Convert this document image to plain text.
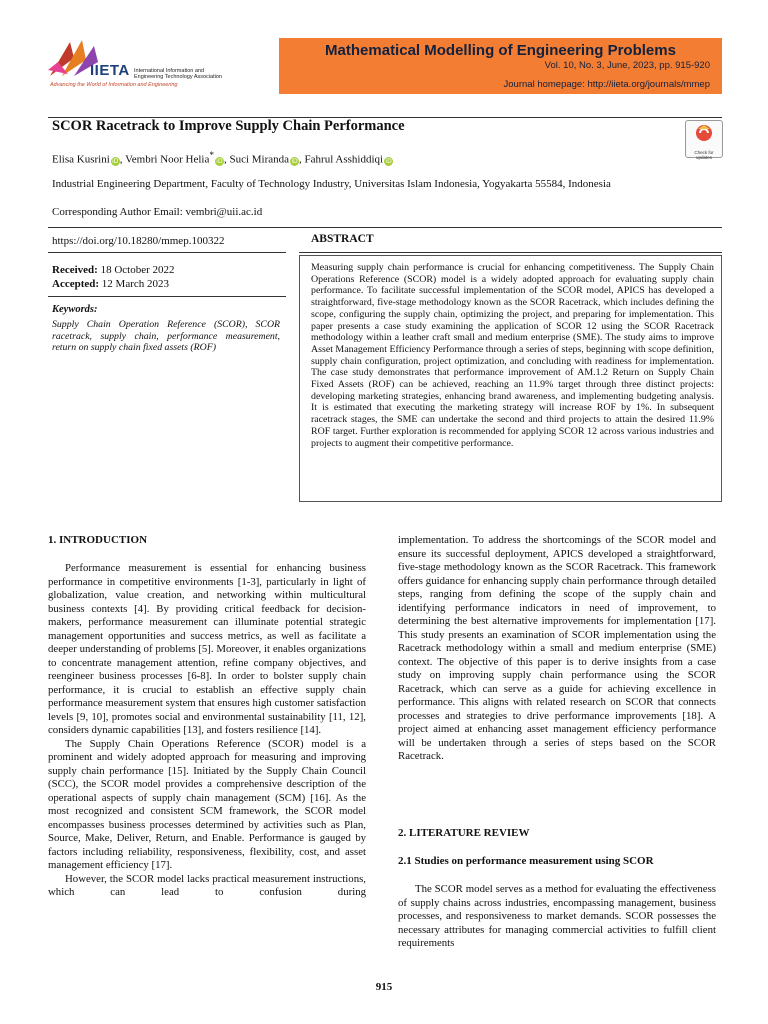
IIETA International Information and
Engineering Technology Association
Advancing the World of Information and Engineering
Mathematical Modelling of Engineering Problems
Vol. 10, No. 3, June, 2023, pp. 915-920
Journal homepage: http://iieta.org/journals/mmep
SCOR Racetrack to Improve Supply Chain Performance
Check for updates
Elisa Kusrini iD, Vembri Noor Helia*iD, Suci Miranda iD, Fahrul Asshiddiqi iD
Industrial Engineering Department, Faculty of Technology Industry, Universitas Islam Indonesia, Yogyakarta 55584, Indonesia
Corresponding Author Email: vembri@uii.ac.id
https://doi.org/10.18280/mmep.100322	ABSTRACT
Received: 18 October 2022
Accepted: 12 March 2023
Keywords:
Supply Chain Operation Reference (SCOR), SCOR racetrack, supply chain, performance measurement, return on supply chain fixed assets (ROF)
Measuring supply chain performance is crucial for enhancing competitiveness. The Supply Chain Operations Reference (SCOR) model is a widely adopted approach for evaluating supply chain performance. To facilitate successful implementation of the SCOR model, APICS has developed a straightforward, five-stage methodology known as the SCOR Racetrack, which includes defining the scope, configuring the supply chain, optimizing the project, and preparing for implementation. This paper presents a case study examining the application of SCOR 12 using the SCOR Racetrack methodology within a leather craft small and medium enterprise (SME). The study aims to improve Asset Management Efficiency Performance through a series of steps, beginning with scope definition, supply chain configuration, project optimization, and concluding with readiness for implementation. The case study demonstrates that performance improvement of AM.1.2 Return on Supply Chain Fixed Assets (ROF) can be achieved, reaching an 11.9% target through three distinct projects: developing marketing strategies, enhancing brand awareness, and implementing budgeting analysis. It is estimated that executing the marketing strategy will increase ROF by 1%. In subsequent racetrack stages, the SME can undertake the second and third projects to attain the desired 11.9% ROF target. Further exploration is recommended for applying SCOR 12 across various industries and projects to augment their competitive performance.
1. INTRODUCTION

Performance measurement is essential for enhancing business performance in competitive environments [1-3], particularly in light of globalization, value creation, and networking within multicultural business contexts [4]. By providing critical feedback for decision-makers, performance measurement can illuminate potential strategic management opportunities and success metrics, as well as facilitate a deeper understanding of problems [5]. Moreover, it enables organizations to concentrate management attention, refine company objectives, and reengineer business processes [6-8]. In order to bolster supply chain performance, it is crucial to establish an effective supply chain performance measurement system that ensures high customer satisfaction levels [9, 10], promotes social and environmental sustainability [11, 12], considers dynamic capabilities [13], and fosters resilience [14].

The Supply Chain Operations Reference (SCOR) model is a prominent and widely adopted approach for measuring and improving supply chain performance [15]. Initiated by the Supply Chain Council (SCC), the SCOR model provides a comprehensive description of the operational aspects of supply chain management (SCM) [16]. As the most recognized and consistent SCM framework, the SCOR model encompasses business processes determined by activities such as Plan, Source, Make, Deliver, Return, and Enable. Performance is gauged by factors including reliability, responsiveness, flexibility, cost, and asset management efficiency [17].

However, the SCOR model lacks practical measurement instructions, which can lead to confusion during

implementation. To address the shortcomings of the SCOR model and ensure its successful deployment, APICS developed a straightforward, five-stage methodology known as the SCOR Racetrack. This framework offers guidance for enhancing supply chain performance through detailed steps, ranging from defining the scope of the supply chain and identifying performance indicators in need of improvement, to determining the best alternative improvements for implementation [17]. This study presents an examination of SCOR implementation using the Racetrack methodology within a small and medium enterprise (SME) context. The objective of this paper is to derive insights from a case study on improving supply chain performance using the SCOR Racetrack, which can serve as a guide for achieving excellence in performance. This aligns with related research on SCOR that connects processes and strategies to drive performance improvements [18]. A project aimed at enhancing asset management efficiency performance will be undertaken through a series of steps based on the SCOR Racetrack.

2. LITERATURE REVIEW
2.1 Studies on performance measurement using SCOR

The SCOR model serves as a method for evaluating the effectiveness of supply chains across industries, encompassing management, business processes, and responsiveness to market demands. SCOR possesses the necessary attributes for managing commercial activities to fulfill client requirements

915
